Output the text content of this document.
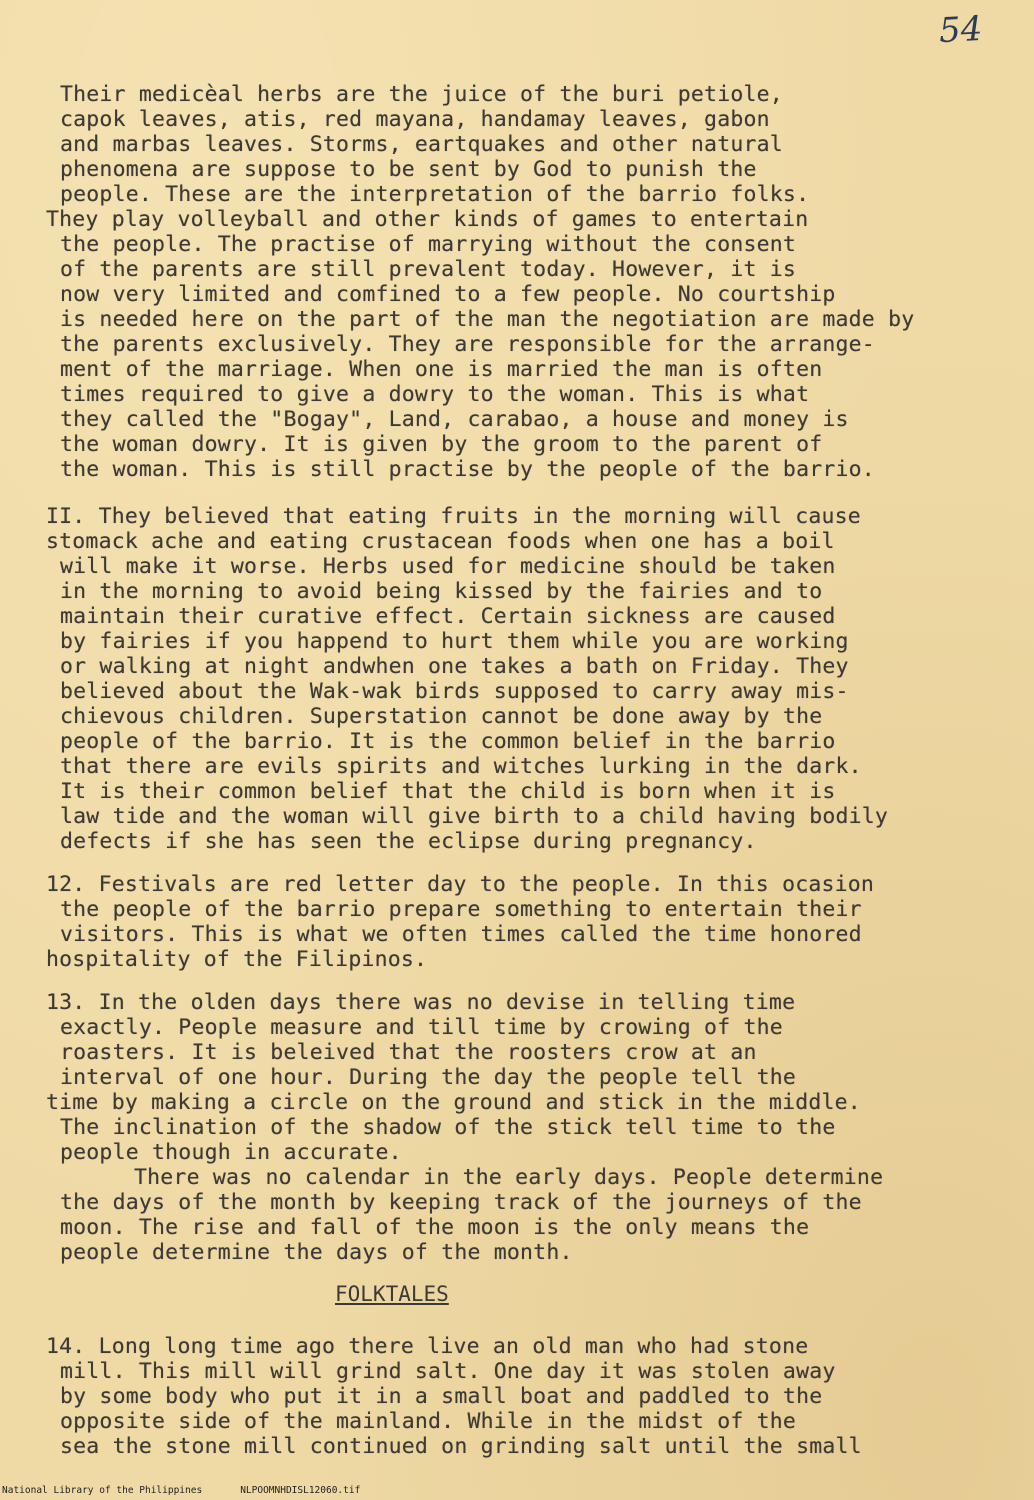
54
Their medicèal herbs are the juice of the buri petiole,
capok leaves, atis, red mayana, handamay leaves, gabon
and marbas leaves. Storms, eartquakes and other natural
phenomena are suppose to be sent by God to punish the
people. These are the interpretation of the barrio folks.
They play volleyball and other kinds of games to entertain
the people. The practise of marrying without the consent
of the parents are still prevalent today. However, it is
now very limited and comfined to a few people. No courtship
is needed here on the part of the man the negotiation are made by
the parents exclusively. They are responsible for the arrange-
ment of the marriage. When one is married the man is often
times required to give a dowry to the woman. This is what
they called the "Bogay", Land, carabao, a house and money is
the woman dowry. It is given by the groom to the parent of
the woman. This is still practise by the people of the barrio.
II. They believed that eating fruits in the morning will cause
stomack ache and eating crustacean foods when one has a boil
will make it worse. Herbs used for medicine should be taken
in the morning to avoid being kissed by the fairies and to
maintain their curative effect. Certain sickness are caused
by fairies if you happend to hurt them while you are working
or walking at night andwhen one takes a bath on Friday. They
believed about the Wak-wak birds supposed to carry away mis-
chievous children. Superstation cannot be done away by the
people of the barrio. It is the common belief in the barrio
that there are evils spirits and witches lurking in the dark.
It is their common belief that the child is born when it is
law tide and the woman will give birth to a child having bodily
defects if she has seen the eclipse during pregnancy.
12. Festivals are red letter day to the people. In this ocasion
the people of the barrio prepare something to entertain their
visitors. This is what we often times called the time honored
hospitality of the Filipinos.
13. In the olden days there was no devise in telling time
exactly. People measure and till time by crowing of the
roasters. It is beleived that the roosters crow at an
interval of one hour. During the day the people tell the
time by making a circle on the ground and stick in the middle.
The inclination of the shadow of the stick tell time to the
people though in accurate.
There was no calendar in the early days. People determine
the days of the month by keeping track of the journeys of the
moon. The rise and fall of the moon is the only means the
people determine the days of the month.
14. Long long time ago there live an old man who had stone
mill. This mill will grind salt. One day it was stolen away
by some body who put it in a small boat and paddled to the
opposite side of the mainland. While in the midst of the
sea the stone mill continued on grinding salt until the small
FOLKTALES
National Library of the Philippines	NLPOOMNHDISL12060.tif
